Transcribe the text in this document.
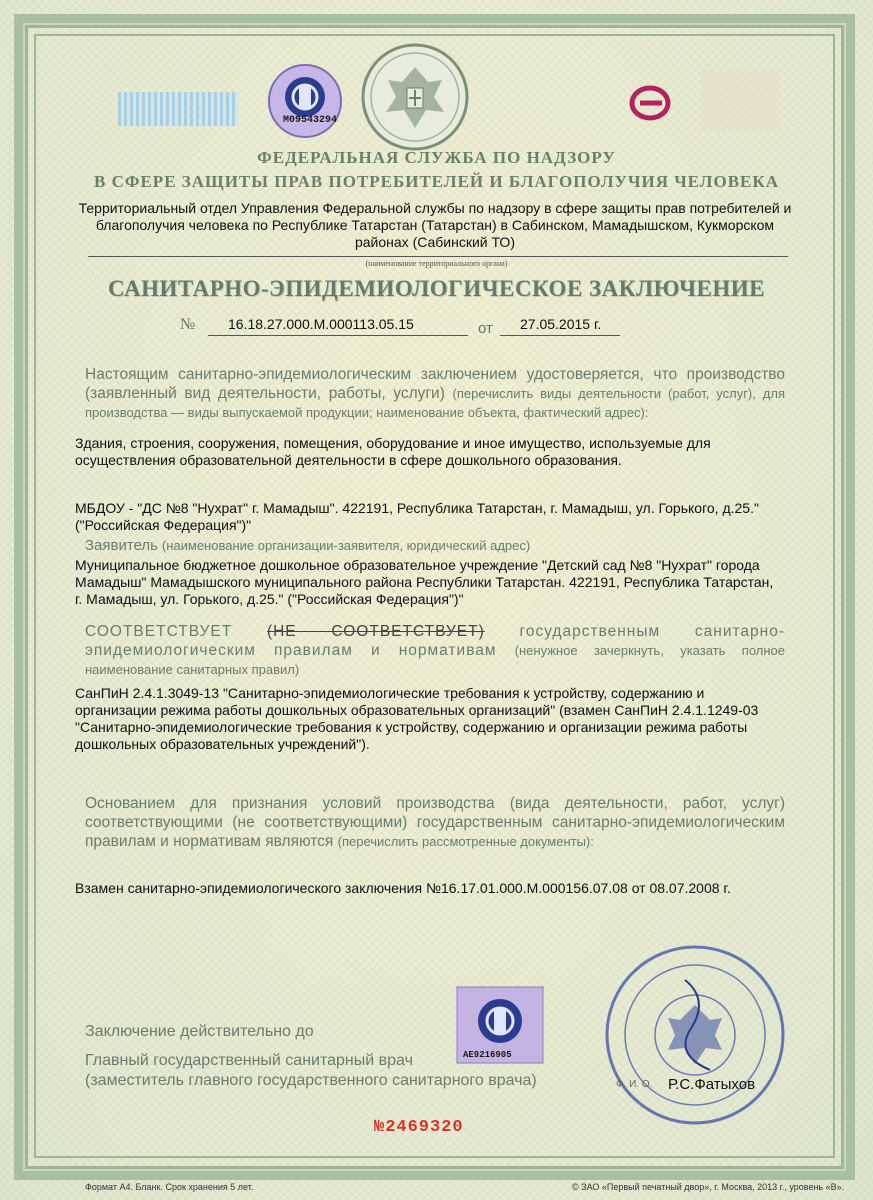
M09543294
ФЕДЕРАЛЬНАЯ СЛУЖБА ПО НАДЗОРУ
В СФЕРЕ ЗАЩИТЫ ПРАВ ПОТРЕБИТЕЛЕЙ И БЛАГОПОЛУЧИЯ ЧЕЛОВЕКА
Территориальный отдел Управления Федеральной службы по надзору в сфере защиты прав потребителей и благополучия человека по Республике Татарстан (Татарстан) в Сабинском, Мамадышском, Кукморском районах (Сабинский ТО)
(наименование территориального органа)
САНИТАРНО-ЭПИДЕМИОЛОГИЧЕСКОЕ ЗАКЛЮЧЕНИЕ
№ 16.18.27.000.М.000113.05.15	от 27.05.2015 г.
Настоящим санитарно-эпидемиологическим заключением удостоверяется, что производство (заявленный вид деятельности, работы, услуги) (перечислить виды деятельности (работ, услуг), для производства — виды выпускаемой продукции; наименование объекта, фактический адрес):
Здания, строения, сооружения, помещения, оборудование и иное имущество, используемые для осуществления образовательной деятельности в сфере дошкольного образования.
МБДОУ - "ДС №8 "Нухрат" г. Мамадыш". 422191, Республика Татарстан, г. Мамадыш, ул. Горького, д.25." ("Российская Федерация")"
Заявитель (наименование организации-заявителя, юридический адрес)
Муниципальное бюджетное дошкольное образовательное учреждение "Детский сад №8 "Нухрат" города Мамадыш" Мамадышского муниципального района Республики Татарстан. 422191, Республика Татарстан, г. Мамадыш, ул. Горького, д.25." ("Российская Федерация")"
СООТВЕТСТВУЕТ (НЕ СООТВЕТСТВУЕТ) государственным санитарно-эпидемиологическим правилам и нормативам (ненужное зачеркнуть, указать полное наименование санитарных правил)
СанПиН 2.4.1.3049-13 "Санитарно-эпидемиологические требования к устройству, содержанию и организации режима работы дошкольных образовательных организаций" (взамен СанПиН 2.4.1.1249-03 "Санитарно-эпидемиологические требования к устройству, содержанию и организации режима работы дошкольных образовательных учреждений").
Основанием для признания условий производства (вида деятельности, работ, услуг) соответствующими (не соответствующими) государственным санитарно-эпидемиологическим правилам и нормативам являются (перечислить рассмотренные документы):
Взамен санитарно-эпидемиологического заключения №16.17.01.000.М.000156.07.08 от 08.07.2008 г.
Заключение действительно до
Главный государственный санитарный врач
(заместитель главного государственного санитарного врача)
AE9216905
Ф. И. О. Р.С.Фатыхов
№2469320
Формат А4. Бланк. Срок хранения 5 лет.	© ЗАО «Первый печатный двор», г. Москва, 2013 г., уровень «В».
